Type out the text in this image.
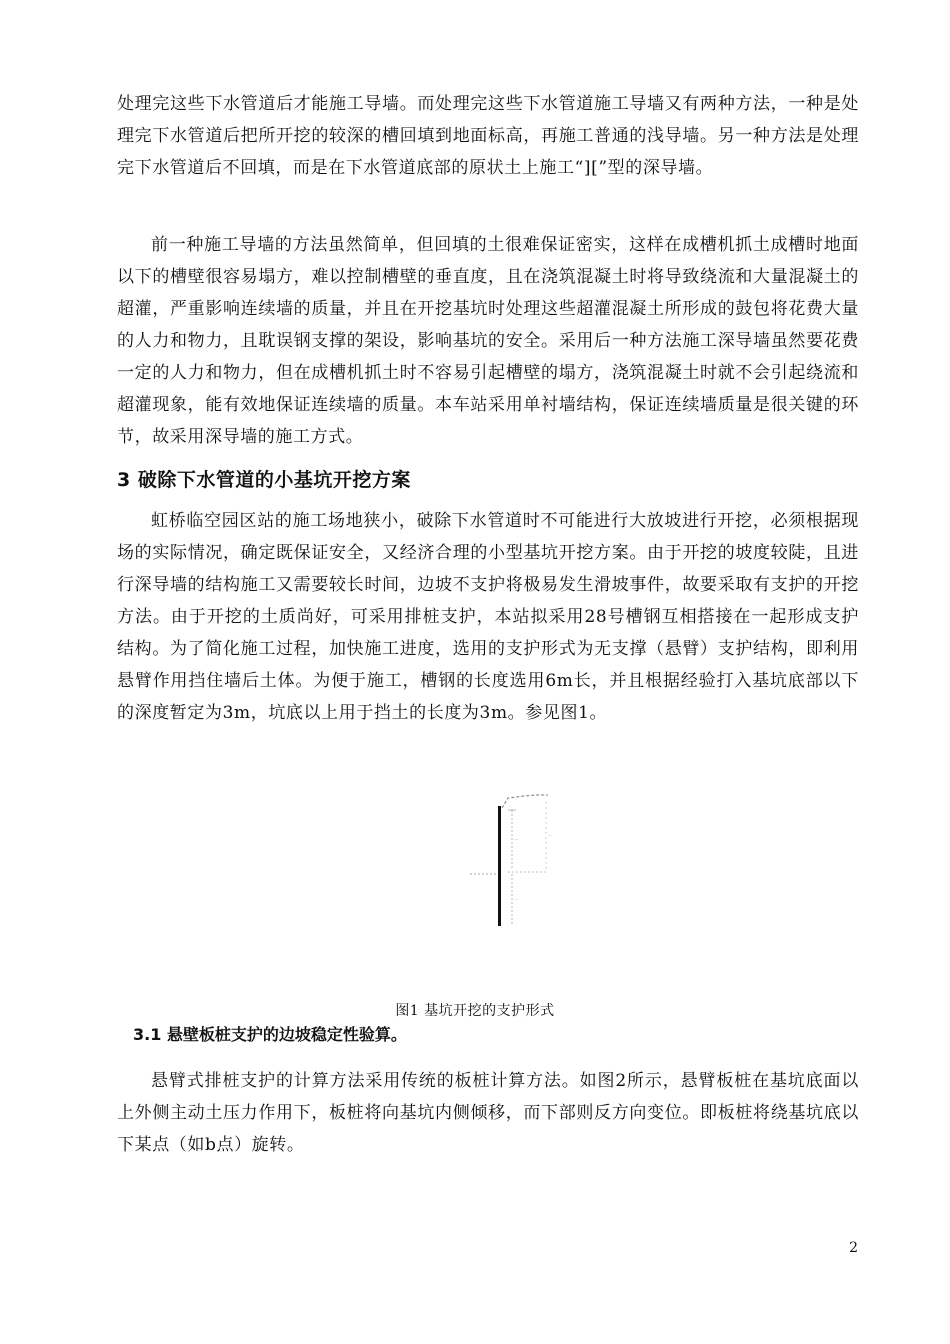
处理完这些下水管道后才能施工导墙。而处理完这些下水管道施工导墙又有两种方法，一种是处理完下水管道后把所开挖的较深的槽回填到地面标高，再施工普通的浅导墙。另一种方法是处理完下水管道后不回填，而是在下水管道底部的原状土上施工“][”型的深导墙。

前一种施工导墙的方法虽然简单，但回填的土很难保证密实，这样在成槽机抓土成槽时地面以下的槽壁很容易塌方，难以控制槽壁的垂直度，且在浇筑混凝土时将导致绕流和大量混凝土的超灌，严重影响连续墙的质量，并且在开挖基坑时处理这些超灌混凝土所形成的鼓包将花费大量的人力和物力，且耽误钢支撑的架设，影响基坑的安全。采用后一种方法施工深导墙虽然要花费一定的人力和物力，但在成槽机抓土时不容易引起槽壁的塌方，浇筑混凝土时就不会引起绕流和超灌现象，能有效地保证连续墙的质量。本车站采用单衬墙结构，保证连续墙质量是很关键的环节，故采用深导墙的施工方式。

3 破除下水管道的小基坑开挖方案

虹桥临空园区站的施工场地狭小，破除下水管道时不可能进行大放坡进行开挖，必须根据现场的实际情况，确定既保证安全，又经济合理的小型基坑开挖方案。由于开挖的坡度较陡，且进行深导墙的结构施工又需要较长时间，边坡不支护将极易发生滑坡事件，故要采取有支护的开挖方法。由于开挖的土质尚好，可采用排桩支护，本站拟采用28号槽钢互相搭接在一起形成支护结构。为了简化施工过程，加快施工进度，选用的支护形式为无支撑（悬臂）支护结构，即利用悬臂作用挡住墙后土体。为便于施工，槽钢的长度选用6m长，并且根据经验打入基坑底部以下的深度暂定为3m，坑底以上用于挡土的长度为3m。参见图1。

—
—
—

图1 基坑开挖的支护形式

3.1 悬壁板桩支护的边坡稳定性验算。

悬臂式排桩支护的计算方法采用传统的板桩计算方法。如图2所示，悬臂板桩在基坑底面以上外侧主动土压力作用下，板桩将向基坑内侧倾移，而下部则反方向变位。即板桩将绕基坑底以下某点（如b点）旋转。

2
